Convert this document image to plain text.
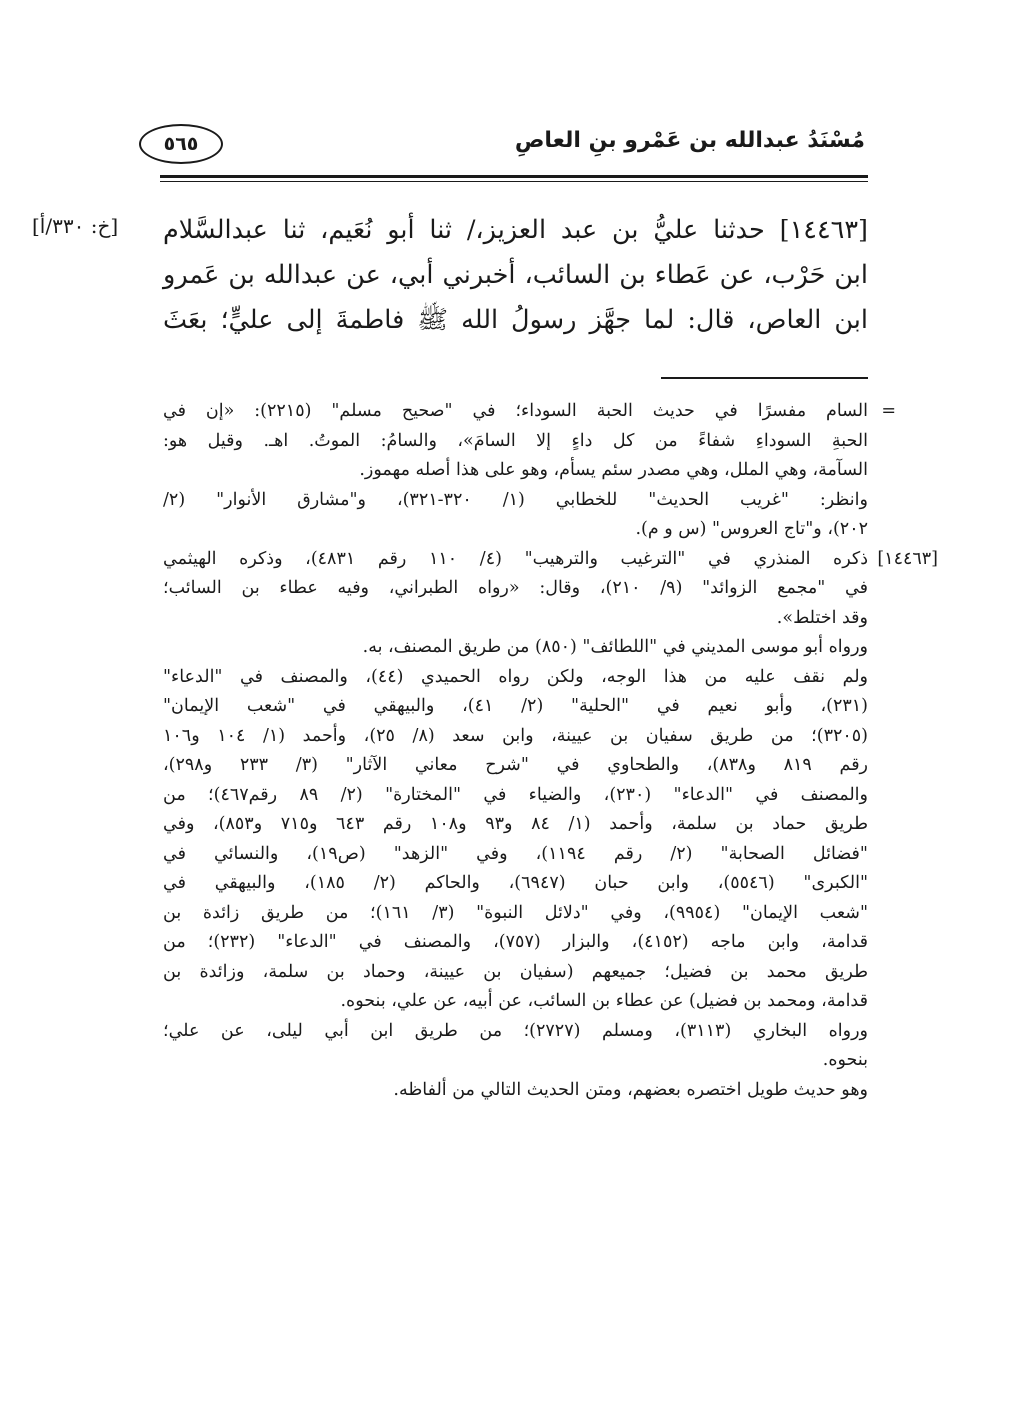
مُسْنَدُ عبدالله بن عَمْرو بنِ العاصِ
٥٦٥
[خ: ٣٣٠/أ] [١٤٤٦٣] حدثنا عليُّ بن عبد العزيز،/ ثنا أبو نُعَيم، ثنا عبدالسَّلام
ابن حَرْب، عن عَطاء بن السائب، أخبرني أبي، عن عبدالله بن عَمرو
ابن العاص، قال: لما جهَّز رسولُ الله ﷺ فاطمةَ إلى عليٍّ؛ بعَثَ
=
السام مفسرًا في حديث الحبة السوداء؛ في "صحيح مسلم" (٢٢١٥): «إن في
الحبةِ السوداءِ شفاءً من كل داءٍ إلا السامَ»، والسامُ: الموتُ. اهـ. وقيل هو:
السآمة، وهي الملل، وهي مصدر سئم يسأم، وهو على هذا أصله مهموز.
وانظر: "غريب الحديث" للخطابي (١/ ٣٢٠-٣٢١)، و"مشارق الأنوار" (٢/
٢٠٢)، و"تاج العروس" (س و م).
[١٤٤٦٣]
ذكره المنذري في "الترغيب والترهيب" (٤/ ١١٠ رقم ٤٨٣١)، وذكره الهيثمي
في "مجمع الزوائد" (٩/ ٢١٠)، وقال: «رواه الطبراني، وفيه عطاء بن السائب؛
وقد اختلط».
ورواه أبو موسى المديني في "اللطائف" (٨٥٠) من طريق المصنف، به.
ولم نقف عليه من هذا الوجه، ولكن رواه الحميدي (٤٤)، والمصنف في "الدعاء"
(٢٣١)، وأبو نعيم في "الحلية" (٢/ ٤١)، والبيهقي في "شعب الإيمان"
(٣٢٠٥)؛ من طريق سفيان بن عيينة، وابن سعد (٨/ ٢٥)، وأحمد (١/ ١٠٤ و١٠٦
رقم ٨١٩ و٨٣٨)، والطحاوي في "شرح معاني الآثار" (٣/ ٢٣٣ و٢٩٨)،
والمصنف في "الدعاء" (٢٣٠)، والضياء في "المختارة" (٢/ ٨٩ رقم٤٦٧)؛ من
طريق حماد بن سلمة، وأحمد (١/ ٨٤ و٩٣ و١٠٨ رقم ٦٤٣ و٧١٥ و٨٥٣)، وفي
"فضائل الصحابة" (٢/ رقم ١١٩٤)، وفي "الزهد" (ص١٩)، والنسائي في
"الكبرى" (٥٥٤٦)، وابن حبان (٦٩٤٧)، والحاكم (٢/ ١٨٥)، والبيهقي في
"شعب الإيمان" (٩٩٥٤)، وفي "دلائل النبوة" (٣/ ١٦١)؛ من طريق زائدة بن
قدامة، وابن ماجه (٤١٥٢)، والبزار (٧٥٧)، والمصنف في "الدعاء" (٢٣٢)؛ من
طريق محمد بن فضيل؛ جميعهم (سفيان بن عيينة، وحماد بن سلمة، وزائدة بن
قدامة، ومحمد بن فضيل) عن عطاء بن السائب، عن أبيه، عن علي، بنحوه.
ورواه البخاري (٣١١٣)، ومسلم (٢٧٢٧)؛ من طريق ابن أبي ليلى، عن علي؛
بنحوه.
وهو حديث طويل اختصره بعضهم، ومتن الحديث التالي من ألفاظه.
